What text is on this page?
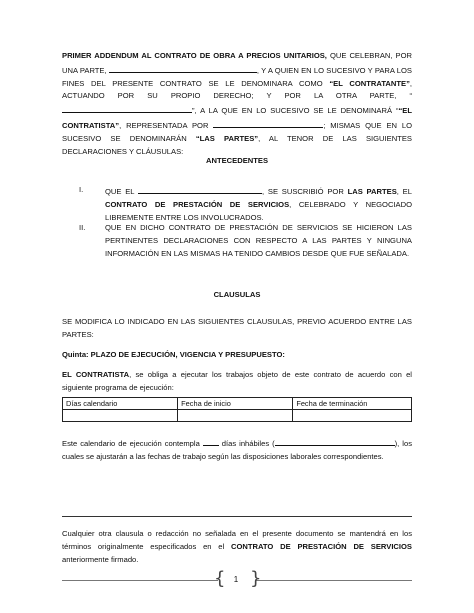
PRIMER ADDENDUM AL CONTRATO DE OBRA A PRECIOS UNITARIOS, QUE CELEBRAN, POR UNA PARTE,	, Y A QUIEN EN LO SUCESIVO Y PARA LOS FINES DEL PRESENTE CONTRATO SE LE DENOMINARA COMO “EL CONTRATANTE”, ACTUANDO POR SU PROPIO DERECHO; Y POR LA OTRA PARTE, “”, A LA QUE EN LO SUCESIVO SE LE DENOMINARÁ ““EL CONTRATISTA”, REPRESENTADA POR	; MISMAS QUE EN LO SUCESIVO SE DENOMINARÁN “LAS PARTES”, AL TENOR DE LAS SIGUIENTES DECLARACIONES Y CLÁUSULAS:
ANTECEDENTES
I.	QUE EL	, SE SUSCRIBIÓ POR LAS PARTES, EL CONTRATO DE PRESTACIÓN DE SERVICIOS, CELEBRADO Y NEGOCIADO LIBREMENTE ENTRE LOS INVOLUCRADOS.
II.	QUE EN DICHO CONTRATO DE PRESTACIÓN DE SERVICIOS SE HICIERON LAS PERTINENTES DECLARACIONES CON RESPECTO A LAS PARTES Y NINGUNA INFORMACIÓN EN LAS MISMAS HA TENIDO CAMBIOS DESDE QUE FUE SEÑALADA.
CLAUSULAS
SE MODIFICA LO INDICADO EN LAS SIGUIENTES CLAUSULAS, PREVIO ACUERDO ENTRE LAS PARTES:
Quinta: PLAZO DE EJECUCIÓN, VIGENCIA Y PRESUPUESTO:
EL CONTRATISTA, se obliga a ejecutar los trabajos objeto de este contrato de acuerdo con el siguiente programa de ejecución:
Días calendario	Fecha de inicio	Fecha de terminación

Este calendario de ejecución contempla  días inhábiles (	), los cuales se ajustarán a las fechas de trabajo según las disposiciones laborales correspondientes.
Cualquier otra clausula o redacción no señalada en el presente documento se mantendrá en los términos originalmente especificados en el CONTRATO DE PRESTACIÓN DE SERVICIOS anteriormente firmado.
{	1 }
